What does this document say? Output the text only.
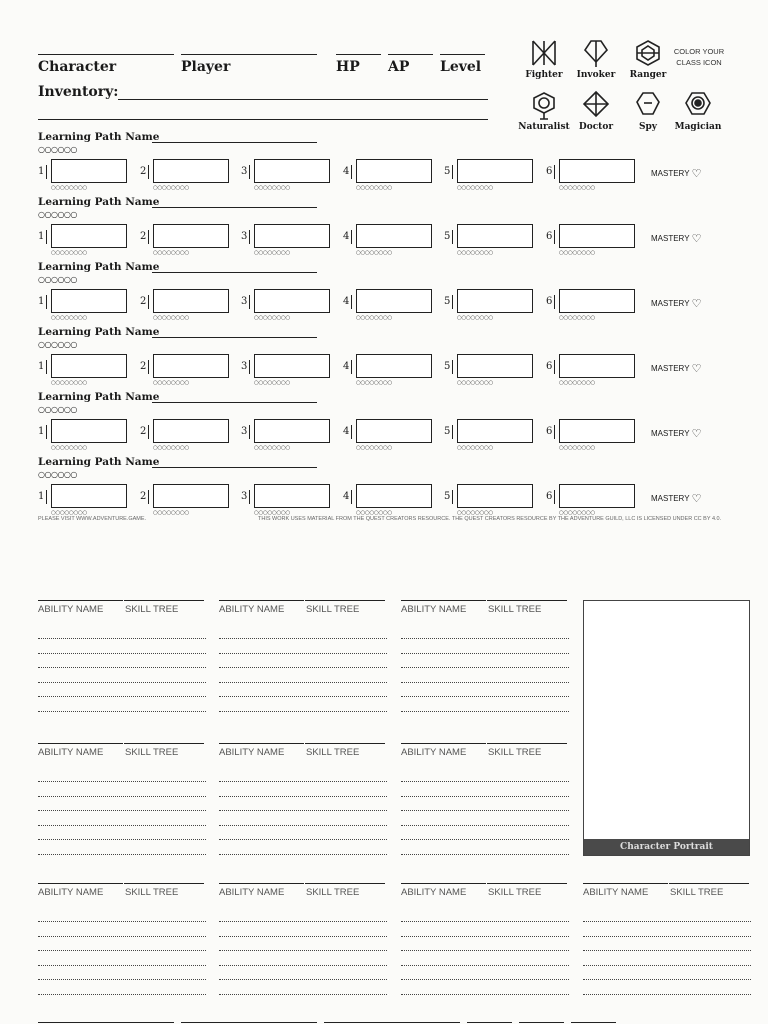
Character	Player	HP AP Level
Inventory:
Fighter	Invoker	Ranger
COLOR YOUR CLASS ICON
Naturalist	Doctor	Spy	Magician
Learning Path Name
○○○○○○
1
○○○○○○○○
2
○○○○○○○○
3
○○○○○○○○
4
○○○○○○○○
5
○○○○○○○○
6
○○○○○○○○
MASTERY ♡
Learning Path Name
○○○○○○
1
○○○○○○○○
2
○○○○○○○○
3
○○○○○○○○
4
○○○○○○○○
5
○○○○○○○○
6
○○○○○○○○
MASTERY ♡
Learning Path Name
○○○○○○
1
○○○○○○○○
2
○○○○○○○○
3
○○○○○○○○
4
○○○○○○○○
5
○○○○○○○○
6
○○○○○○○○
MASTERY ♡
Learning Path Name
○○○○○○
1
○○○○○○○○
2
○○○○○○○○
3
○○○○○○○○
4
○○○○○○○○
5
○○○○○○○○
6
○○○○○○○○
MASTERY ♡
Learning Path Name
○○○○○○
1
○○○○○○○○
2
○○○○○○○○
3
○○○○○○○○
4
○○○○○○○○
5
○○○○○○○○
6
○○○○○○○○
MASTERY ♡
Learning Path Name
○○○○○○
1
○○○○○○○○
2
○○○○○○○○
3
○○○○○○○○
4
○○○○○○○○
5
○○○○○○○○
6
○○○○○○○○
MASTERY ♡
PLEASE VISIT WWW.ADVENTURE.GAME.	THIS WORK USES MATERIAL FROM THE QUEST CREATORS RESOURCE. THE QUEST CREATORS RESOURCE BY THE ADVENTURE GUILD, LLC IS LICENSED UNDER CC BY 4.0.
ABILITY NAME SKILL TREE	ABILITY NAME SKILL TREE	ABILITY NAME SKILL TREE
ABILITY NAME SKILL TREE	ABILITY NAME SKILL TREE	ABILITY NAME SKILL TREE
ABILITY NAME SKILL TREE	ABILITY NAME SKILL TREE	ABILITY NAME SKILL TREE	ABILITY NAME SKILL TREE
Character Portrait
